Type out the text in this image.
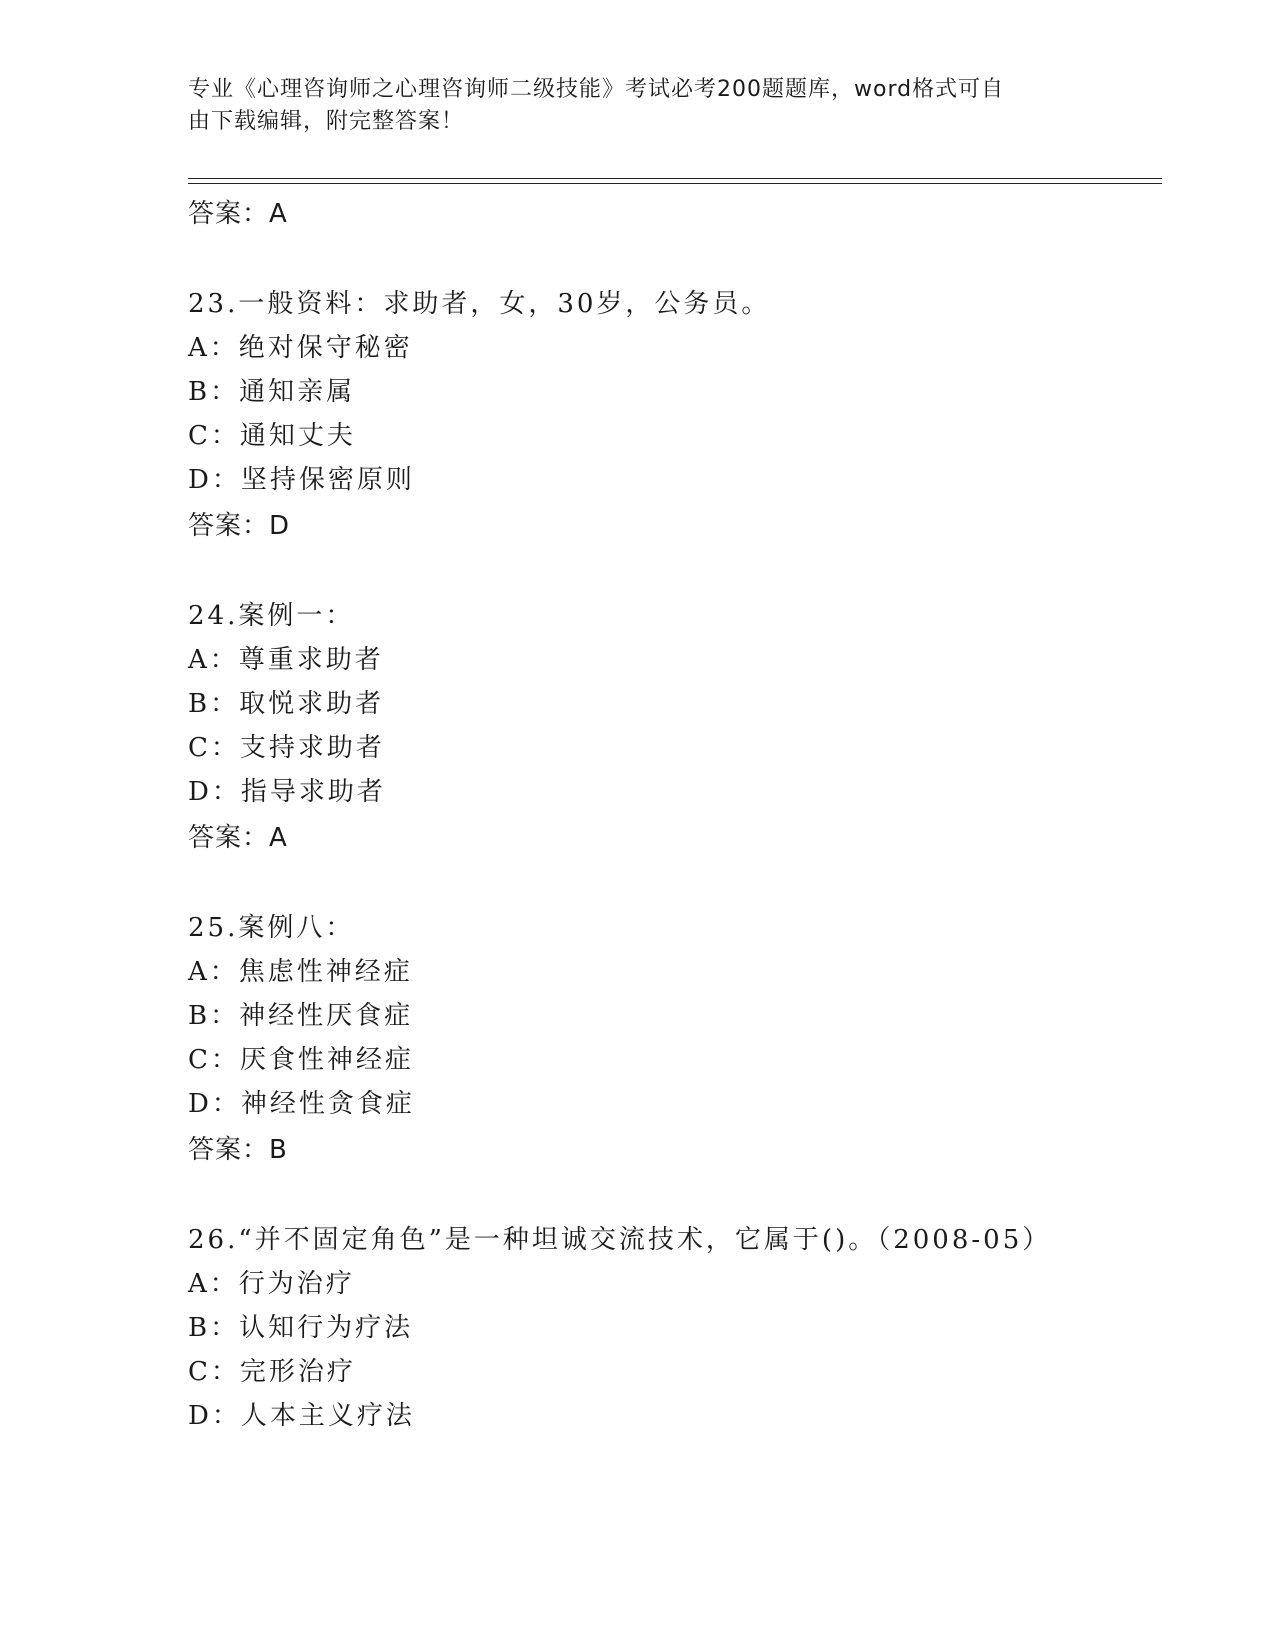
专业《心理咨询师之心理咨询师二级技能》考试必考200题题库，word格式可自
由下载编辑，附完整答案！
答案：A
23.一般资料：求助者，女，30岁，公务员。
A：绝对保守秘密
B：通知亲属
C：通知丈夫
D：坚持保密原则
答案：D
24.案例一：
A：尊重求助者
B：取悦求助者
C：支持求助者
D：指导求助者
答案：A
25.案例八：
A：焦虑性神经症
B：神经性厌食症
C：厌食性神经症
D：神经性贪食症
答案：B
26.“并不固定角色”是一种坦诚交流技术，它属于()。（2008-05）
A：行为治疗
B：认知行为疗法
C：完形治疗
D：人本主义疗法
